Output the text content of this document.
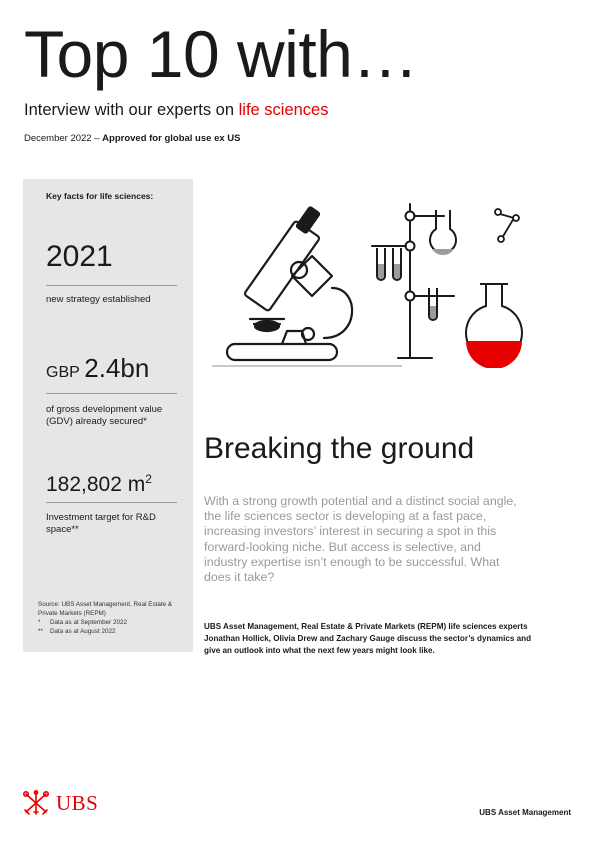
Top 10 with…
Interview with our experts on life sciences
December 2022 – Approved for global use ex US
Key facts for life sciences:
2021
new strategy established
GBP 2.4bn
of gross development value (GDV) already secured*
182,802 $m^2$
Investment target for R&D space**
Source: UBS Asset Management, Real Estate & Private Markets (REPM)
* Data as at September 2022
** Data as at August 2022
Breaking the ground
With a strong growth potential and a distinct social angle, the life sciences sector is developing at a fast pace, increasing investors’ interest in securing a spot in this forward-looking niche. But access is selective, and industry expertise isn’t enough to be successful. What does it take?
UBS Asset Management, Real Estate & Private Markets (REPM) life sciences experts Jonathan Hollick, Olivia Drew and Zachary Gauge discuss the sector’s dynamics and give an outlook into what the next few years might look like.
UBS	UBS Asset Management
